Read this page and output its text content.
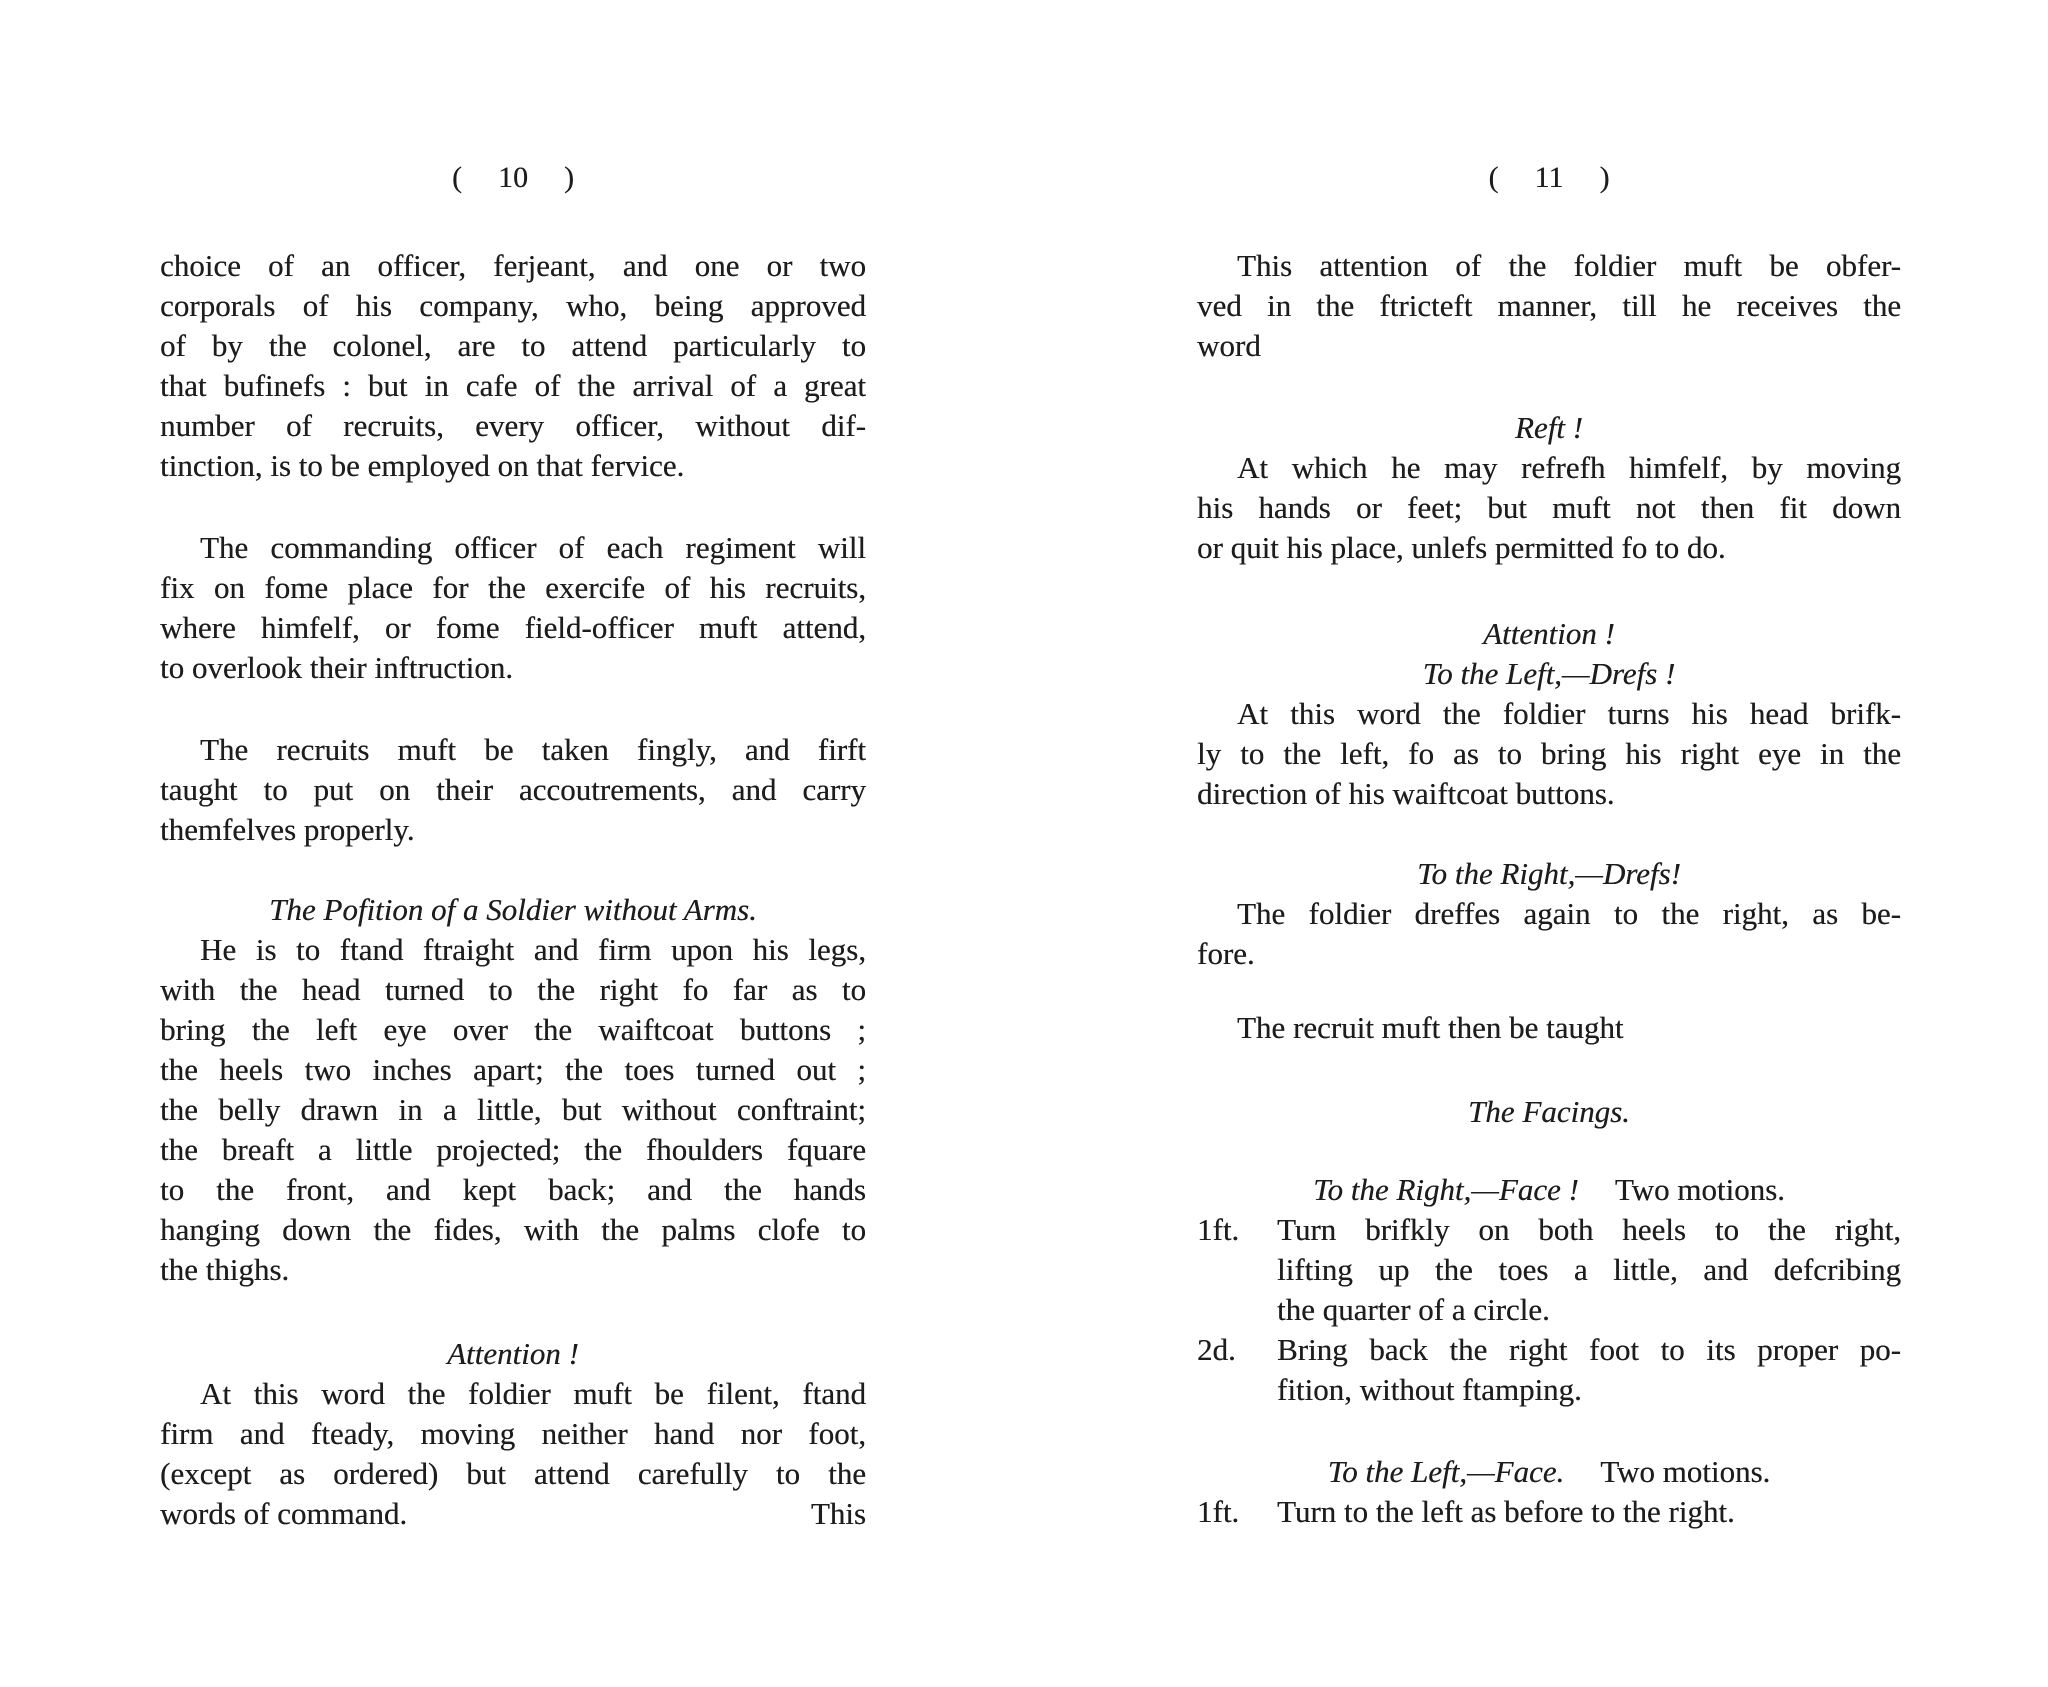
( 10 )
choice of an officer, ferjeant, and one or two
corporals of his company, who, being approved
of by the colonel, are to attend particularly to
that bufinefs : but in cafe of the arrival of a great
number of recruits, every officer, without dif-
tinction, is to be employed on that fervice.
The commanding officer of each regiment will
fix on fome place for the exercife of his recruits,
where himfelf, or fome field-officer muft attend,
to overlook their inftruction.
The recruits muft be taken fingly, and firft
taught to put on their accoutrements, and carry
themfelves properly.
The Pofition of a Soldier without Arms.
He is to ftand ftraight and firm upon his legs,
with the head turned to the right fo far as to
bring the left eye over the waiftcoat buttons ;
the heels two inches apart; the toes turned out ;
the belly drawn in a little, but without conftraint;
the breaft a little projected; the fhoulders fquare
to the front, and kept back; and the hands
hanging down the fides, with the palms clofe to
the thighs.
Attention !
At this word the foldier muft be filent, ftand
firm and fteady, moving neither hand nor foot,
(except as ordered) but attend carefully to the
words of command.	This
( 11 )
This attention of the foldier muft be obfer-
ved in the ftricteft manner, till he receives the
word
Reft !
At which he may refrefh himfelf, by moving
his hands or feet; but muft not then fit down
or quit his place, unlefs permitted fo to do.
Attention !
To the Left,—Drefs !
At this word the foldier turns his head brifk-
ly to the left, fo as to bring his right eye in the
direction of his waiftcoat buttons.
To the Right,—Drefs!
The foldier dreffes again to the right, as be-
fore.
The recruit muft then be taught
The Facings.
To the Right,—Face ! Two motions.
1ft.	Turn brifkly on both heels to the right,
lifting up the toes a little, and defcribing
the quarter of a circle.
2d.	Bring back the right foot to its proper po-
fition, without ftamping.
To the Left,—Face. Two motions.
1ft.	Turn to the left as before to the right.
